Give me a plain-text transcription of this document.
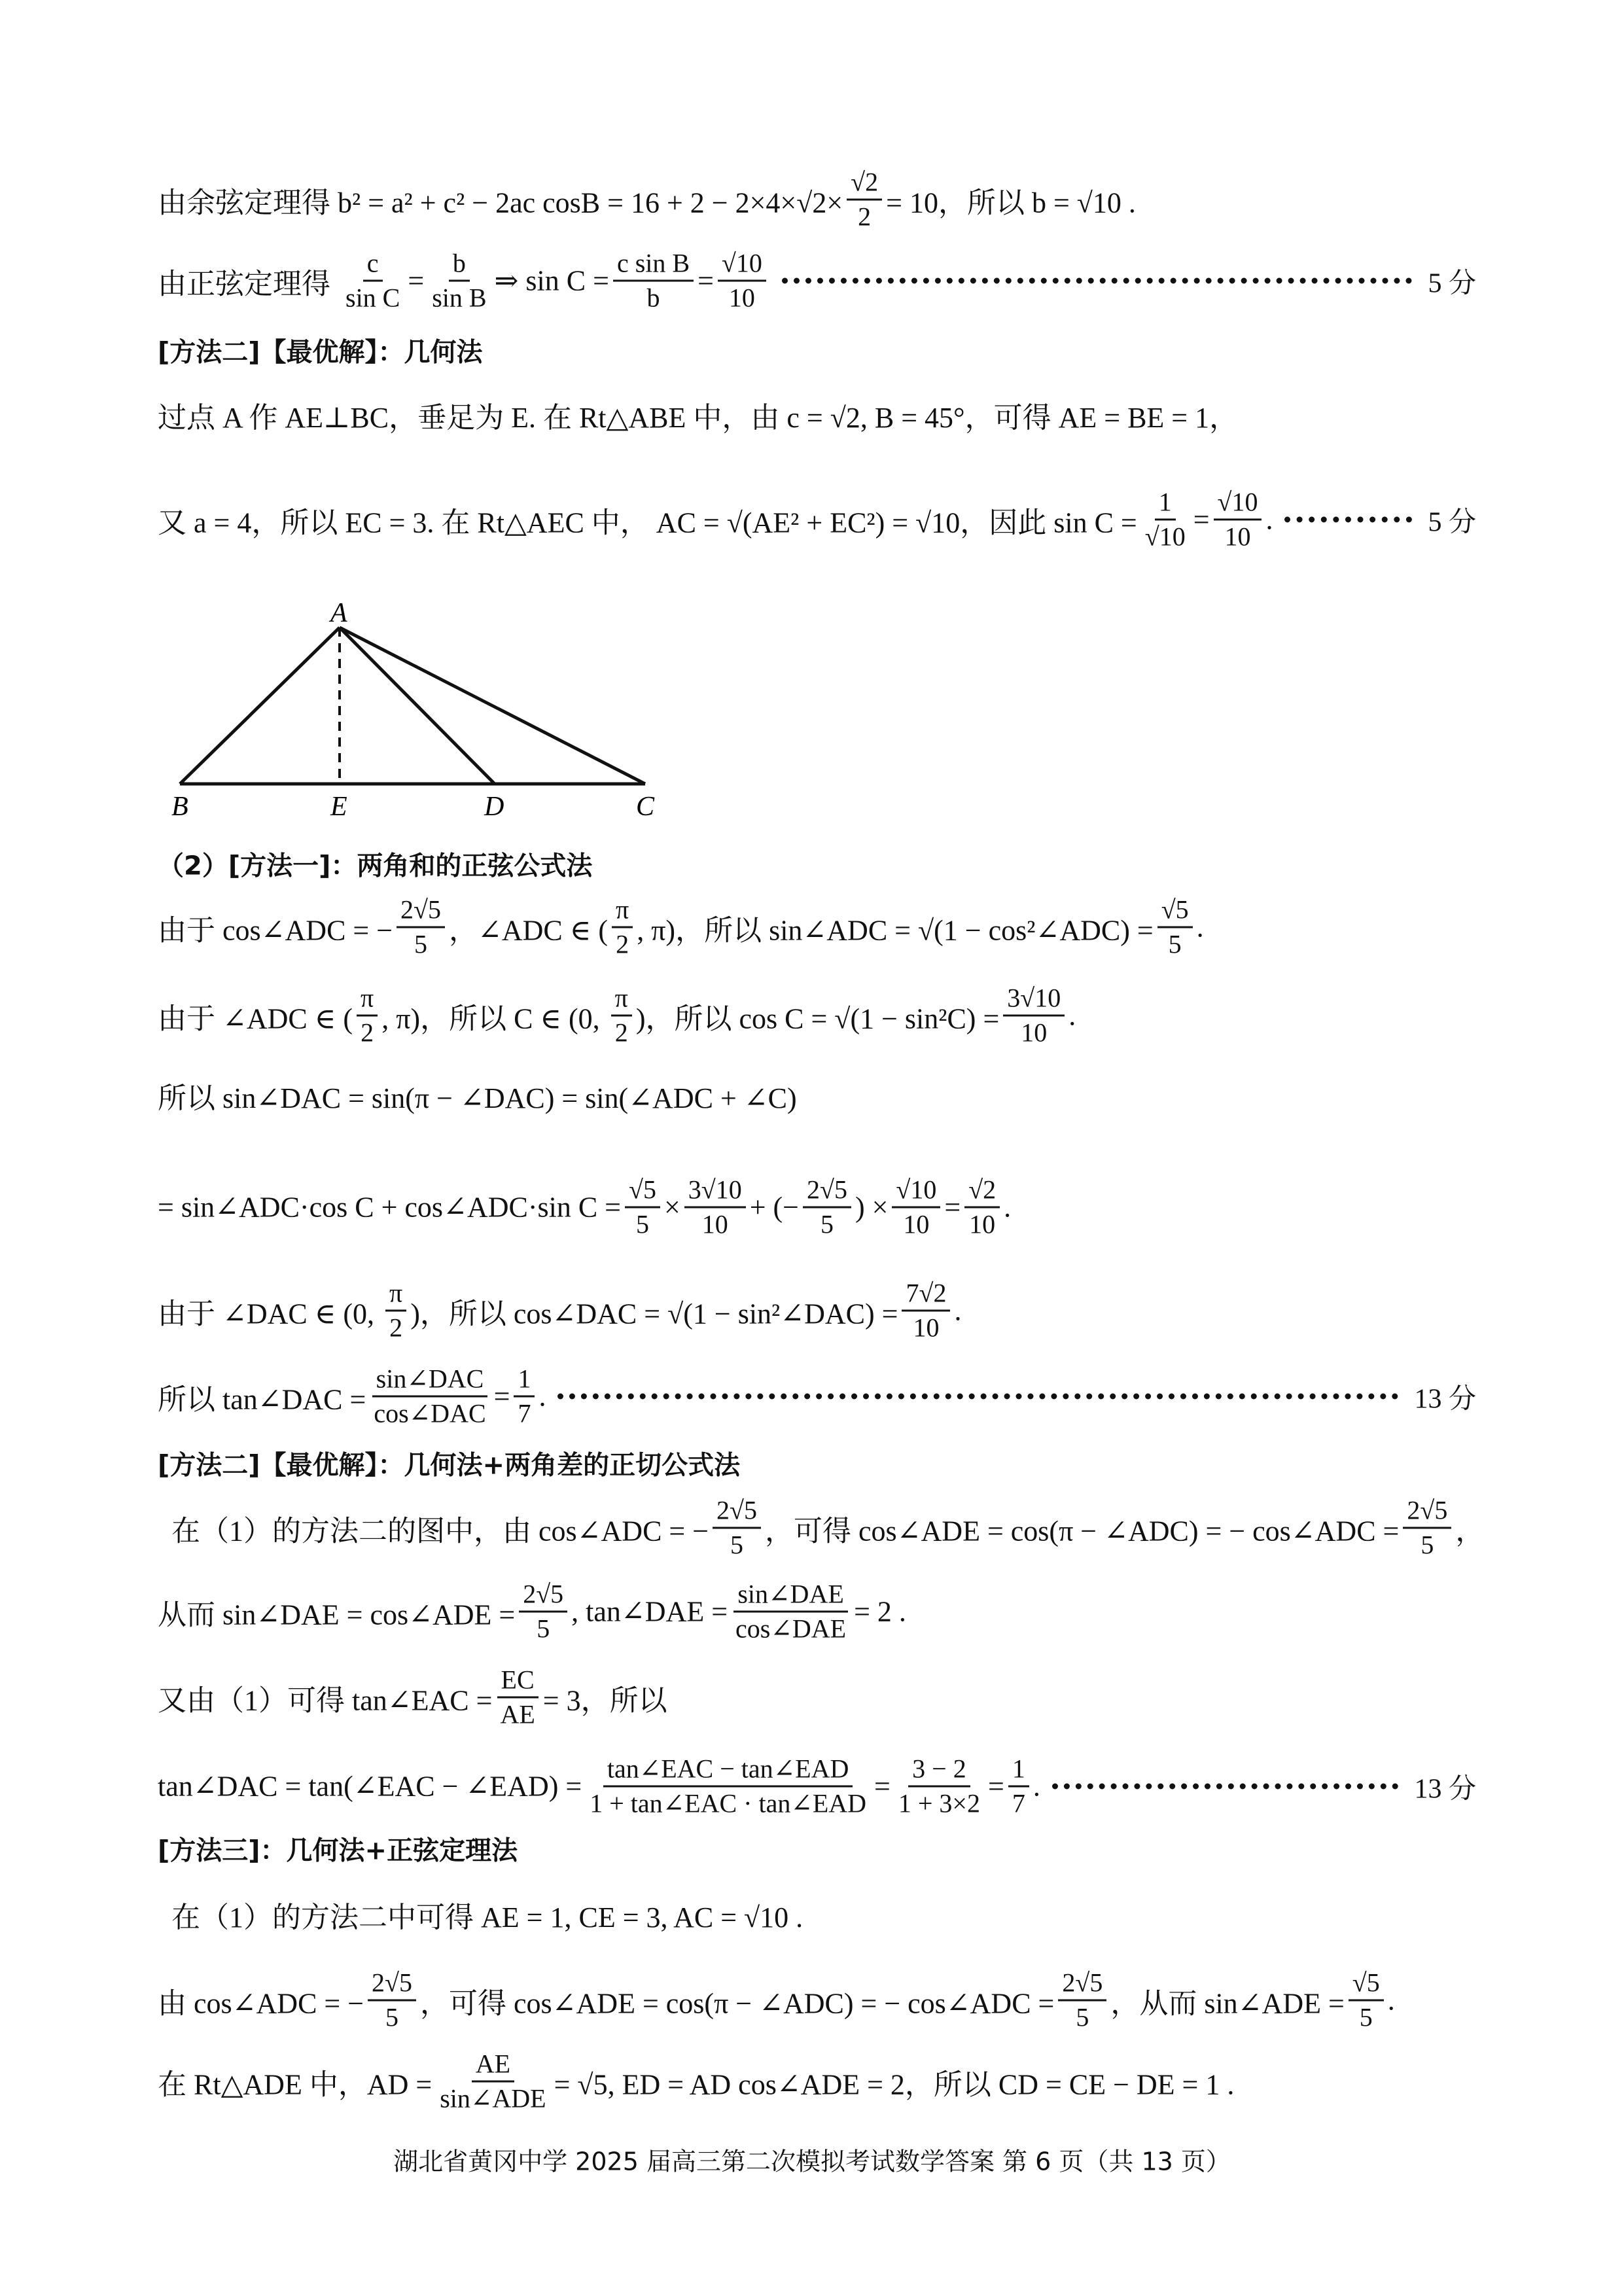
由余弦定理得 b² = a² + c² − 2ac $\cos B = 16 + 2 - 2\times 4\times√2\times \frac{√2}{2} = 10$，所以 b = √10 .
由正弦定理得 $\frac{c}{\text{sin C}} = \frac{b}{\text{sin B}}$ ⇒ $\sin C = \frac{\text{c sin B}}{b} = \frac{√10}{10}$	5 分
[方法二]【最优解】：几何法
过点 A 作 AE⊥BC，垂足为 E. 在 Rt△ABE 中，由 c = √2, B = 45°，可得 AE = BE = 1，
又 a = 4，所以 EC = 3. 在 Rt△AEC 中， AC = √(AE² + EC²) = √10，因此 $\sin C = \frac{1}{√10} = \frac{√10}{10}$ .	5 分
（2）[方法一]：两角和的正弦公式法
由于 cos∠ADC = − $\frac{2√5}{5}$ ，∠ADC ∈ ( $\frac{\pi}{2}$ , π)，所以 sin∠ADC = √(1 − cos²∠ADC) = $\frac{√5}{5}$ .
由于 ∠ADC ∈ ( $\frac{\pi}{2}$ , π)，所以 C ∈ (0, $\frac{\pi}{2}$ )，所以 $\cos C = √(1 - \sin^2C) = \frac{3√10}{10}$ .
所以 sin∠DAC = sin(π − ∠DAC) = sin(∠ADC + ∠C)
= sin∠ADC·cos C + cos∠ADC·sin $C = \frac{√5}{5} \times \frac{3√10}{10}$ + (− $\frac{2√5}{5}$ ) × $\frac{√10}{10} = \frac{√2}{10}$ .
由于 ∠DAC ∈ (0, $\frac{\pi}{2}$ )，所以 cos∠DAC = √(1 − sin²∠DAC) = $\frac{7√2}{10}$ .
所以 tan∠DAC = $\frac{\text{sin∠DAC}}{\text{cos∠DAC}} = \frac{1}{7}$ .	13 分
[方法二]【最优解】：几何法+两角差的正切公式法
在（1）的方法二的图中，由 cos∠ADC = − $\frac{2√5}{5}$ ，可得 cos∠ADE = cos(π − ∠ADC) = − cos∠ADC = $\frac{2√5}{5}$ ，
从而 sin∠DAE = cos∠ADE = $\frac{2√5}{5}$ , tan∠DAE = $\frac{\text{sin∠DAE}}{\text{cos∠DAE}} = 2$ .
又由（1）可得 tan∠EAC = $\frac{EC}{AE} = 3$，所以
tan∠DAC = tan(∠EAC − ∠EAD) = $\frac{\text{tan∠EAC − tan∠EAD}}{\text{1 + tan∠EAC · tan∠EAD}} = \frac{3 - 2}{1 + 3\times 2} = \frac{1}{7}$ .	13 分
[方法三]：几何法+正弦定理法
在（1）的方法二中可得 AE = 1, CE = 3, AC = √10 .
由 cos∠ADC = − $\frac{2√5}{5}$ ，可得 cos∠ADE = cos(π − ∠ADC) = − cos∠ADC = $\frac{2√5}{5}$ ，从而 sin∠ADE = $\frac{√5}{5}$ .
在 Rt△ADE 中，AD = $\frac{AE}{\text{sin∠ADE}} = √5$, ED = AD cos∠ADE = 2，所以 CD = CE − DE = 1 .
A
B	E	D	C
湖北省黄冈中学 2025 届高三第二次模拟考试数学答案 第 6 页（共 13 页）
